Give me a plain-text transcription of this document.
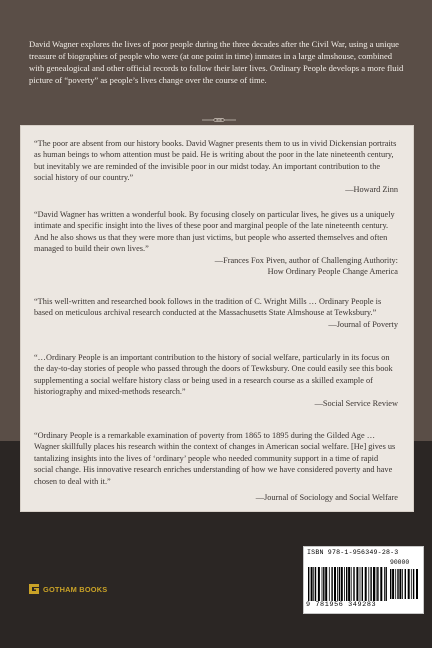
David Wagner explores the lives of poor people during the three decades after the Civil War, using a unique treasure of biographies of people who were (at one point in time) inmates in a large almshouse, combined with genealogical and other official records to follow their later lives. Ordinary People develops a more fluid picture of “poverty” as people’s lives change over the course of time.

“The poor are absent from our history books. David Wagner presents them to us in vivid Dickensian portraits as human beings to whom attention must be paid. He is writing about the poor in the late nineteenth century, but inevitably we are reminded of the invisible poor in our midst today. An important contribution to the social history of our country.”
—Howard Zinn
“David Wagner has written a wonderful book. By focusing closely on particular lives, he gives us a uniquely intimate and specific insight into the lives of these poor and marginal people of the late nineteenth century. And he also shows us that they were more than just victims, but people who asserted themselves and often managed to build their own lives.”
—Frances Fox Piven, author of Challenging Authority:
How Ordinary People Change America
“This well-written and researched book follows in the tradition of C. Wright Mills … Ordinary People is based on meticulous archival research conducted at the Massachusetts State Almshouse at Tewksbury.”
—Journal of Poverty
“…Ordinary People is an important contribution to the history of social welfare, particularly in its focus on the day-to-day stories of people who passed through the doors of Tewksbury. One could easily see this book supplementing a social welfare history class or being used in a research course as a skilled example of historiography and mixed-methods research.”
—Social Service Review
“Ordinary People is a remarkable examination of poverty from 1865 to 1895 during the Gilded Age … Wagner skillfully places his research within the context of changes in American social welfare. [He] gives us tantalizing insights into the lives of ‘ordinary’ people who needed community support in a time of rapid social change. His innovative research enriches understanding of how we have considered poverty and have chosen to deal with it.”
—Journal of Sociology and Social Welfare
ISBN 978-1-956349-28-3
90000
9 781956 349283
GOTHAM BOOKS
